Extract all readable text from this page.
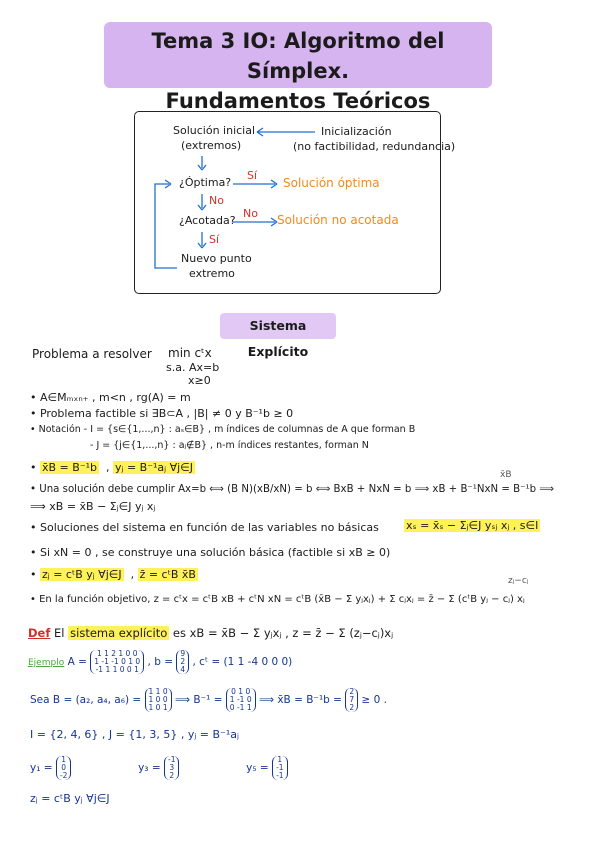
Tema 3 IO: Algoritmo del Símplex.
Fundamentos Teóricos
Solución inicial
(extremos)
Inicialización
(no factibilidad, redundancia)
¿Óptima?
Sí
Solución óptima
No
¿Acotada?
No Solución no acotada
Sí
Nuevo punto
extremo
Sistema Explícito
Problema a resolver min cᵗx
s.a. Ax=b
x≥0
• A∈Mₘₓₙ₊ , m<n , rg(A) = m
• Problema factible si ∃B⊂A , |B| ≠ 0 y B⁻¹b ≥ 0
• Notación - I = {s∈{1,...,n} : aₛ∈B} , m índices de columnas de A que forman B
- J = {j∈{1,...,n} : aⱼ∉B} , n-m índices restantes, forman N
• x̄B = B⁻¹b  , yⱼ = B⁻¹aⱼ ∀j∈J
x̄B
• Una solución debe cumplir Ax=b ⟺ (B N)(xB/xN) = b ⟺ BxB + NxN = b ⟹ xB + B⁻¹NxN = B⁻¹b ⟹
⟹ xB = x̄B − Σⱼ∈J yⱼ xⱼ
• Soluciones del sistema en función de las variables no básicas xₛ = x̄ₛ − Σⱼ∈J yₛⱼ xⱼ , s∈I
• Si xN = 0 , se construye una solución básica (factible si xB ≥ 0)
• zⱼ = cᵗB yⱼ ∀j∈J  , z̄ = cᵗB x̄B	zⱼ−cⱼ
• En la función objetivo, z = cᵗx = cᵗB xB + cᵗN xN = cᵗB (x̄B − Σ yⱼxⱼ) + Σ cⱼxⱼ = z̄ − Σ (cᵗB yⱼ − cⱼ) xⱼ
Def El sistema explícito es xB = x̄B − Σ yⱼxⱼ , z = z̄ − Σ (zⱼ−cⱼ)xⱼ
Ejemplo A =
1 1 2 1 0 0
1 -1 -1 0 1 0
-1 1 1 0 0 1
, b =
9
2
4
, cᵗ = (1 1 -4 0 0 0)
Sea B = (a₂, a₄, a₆) =
1 1 0
1 0 0
1 0 1
⟹ B⁻¹ =
0 1 0
1 -1 0
0 -1 1
⟹ x̄B = B⁻¹b =
2
7
2
≥ 0 .
I = {2, 4, 6} , J = {1, 3, 5} , yⱼ = B⁻¹aⱼ
y₁ =
1
0
-2
y₃ =
-1
3
2
y₅ =
1
-1
-1
zⱼ = cᵗB yⱼ ∀j∈J
